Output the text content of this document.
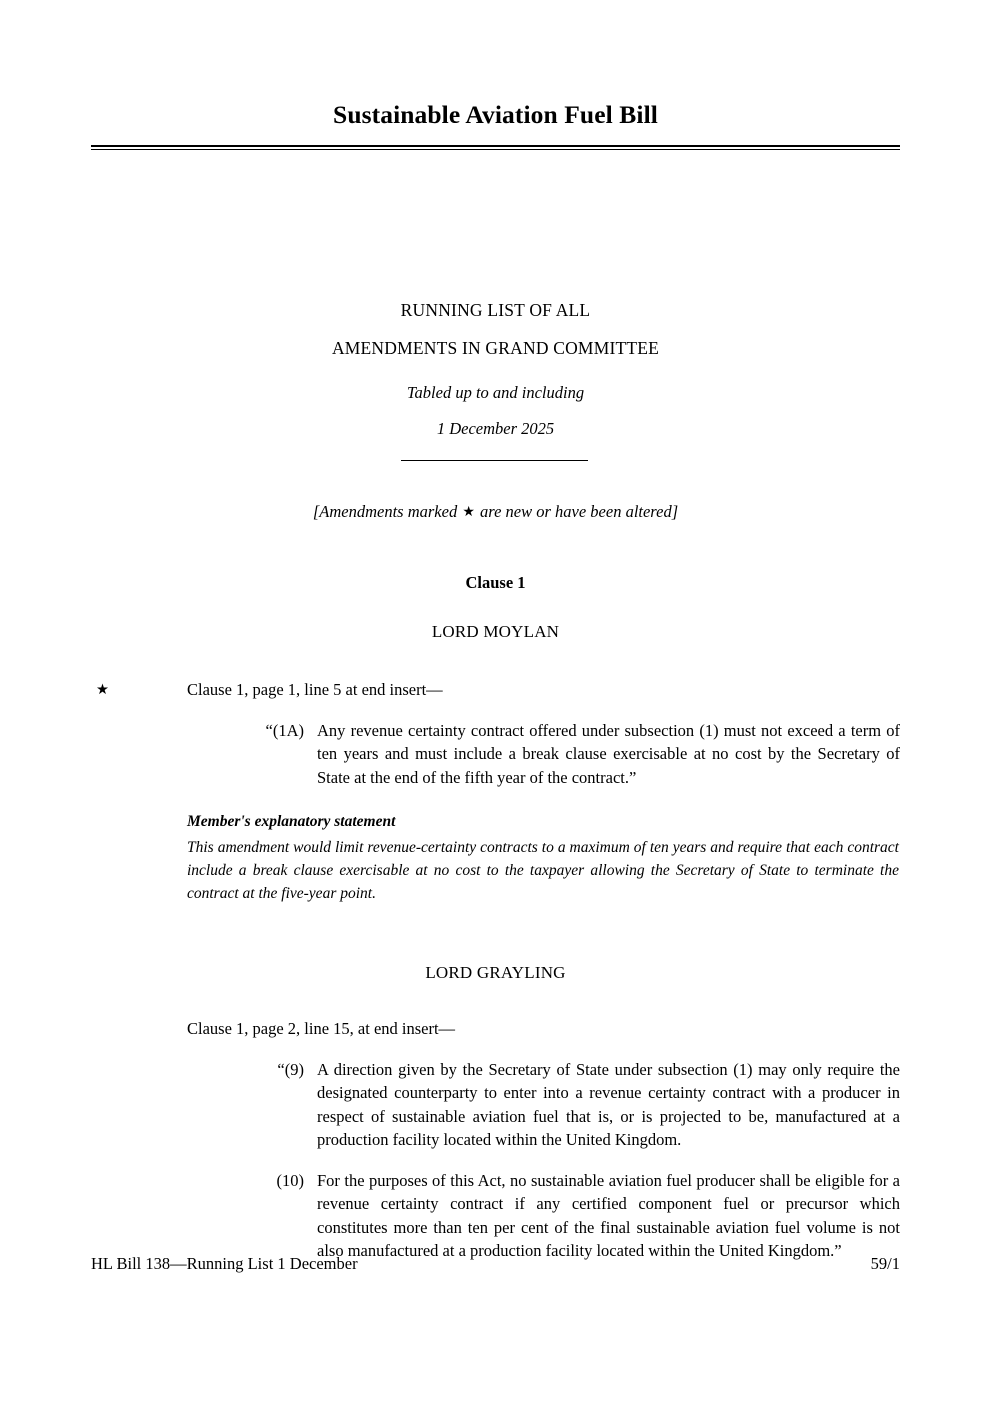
Sustainable Aviation Fuel Bill
RUNNING LIST OF ALL
AMENDMENTS IN GRAND COMMITTEE
Tabled up to and including
1 December 2025
[Amendments marked ★ are new or have been altered]
Clause 1
LORD MOYLAN
★	Clause 1, page 1, line 5 at end insert—
“(1A) Any revenue certainty contract offered under subsection (1) must not exceed a term of ten years and must include a break clause exercisable at no cost by the Secretary of State at the end of the fifth year of the contract.”
Member's explanatory statement
This amendment would limit revenue-certainty contracts to a maximum of ten years and require that each contract include a break clause exercisable at no cost to the taxpayer allowing the Secretary of State to terminate the contract at the five-year point.
LORD GRAYLING
Clause 1, page 2, line 15, at end insert—
“(9) A direction given by the Secretary of State under subsection (1) may only require the designated counterparty to enter into a revenue certainty contract with a producer in respect of sustainable aviation fuel that is, or is projected to be, manufactured at a production facility located within the United Kingdom.
(10) For the purposes of this Act, no sustainable aviation fuel producer shall be eligible for a revenue certainty contract if any certified component fuel or precursor which constitutes more than ten per cent of the final sustainable aviation fuel volume is not also manufactured at a production facility located within the United Kingdom.”
HL Bill 138—Running List 1 December	59/1
